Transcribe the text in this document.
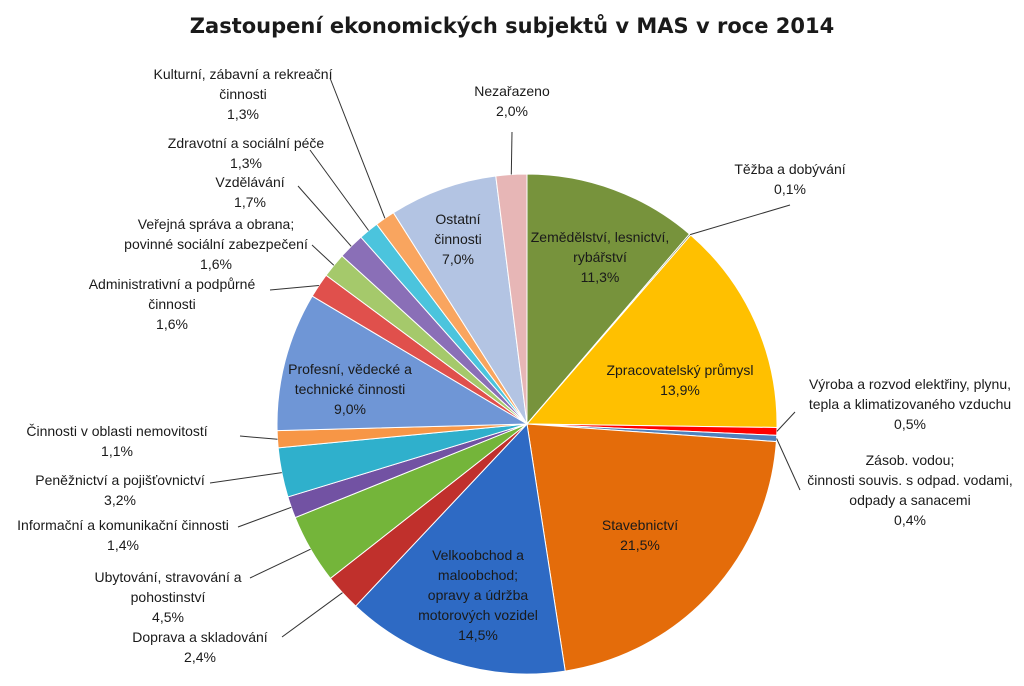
Zastoupení ekonomických subjektů v MAS v roce 2014
Zemědělství, lesnictví, rybářství 11,3%
Těžba a dobývání 0,1%
Zpracovatelský průmysl 13,9%	Výroba a rozvod elektřiny, plynu, tepla a klimatizovaného vzduchu 0,5%
Zásob. vodou; činnosti souvis. s odpad. vodami, odpady a sanacemi 0,4%
Stavebnictví 21,5%
Velkoobchod a maloobchod; opravy a údržba motorových vozidel 14,5%
Doprava a skladování 2,4%
Ubytování, stravování a pohostinství 4,5%
Informační a komunikační činnosti 1,4%
Peněžnictví a pojišťovnictví 3,2%
Činnosti v oblasti nemovitostí 1,1%
Profesní, vědecké a technické činnosti 9,0%
Administrativní a podpůrné činnosti 1,6%
Veřejná správa a obrana; povinné sociální zabezpečení 1,6%
Vzdělávání 1,7%
Zdravotní a sociální péče 1,3%
Kulturní, zábavní a rekreační činnosti 1,3%
Ostatní činnosti 7,0%
Nezařazeno 2,0%
